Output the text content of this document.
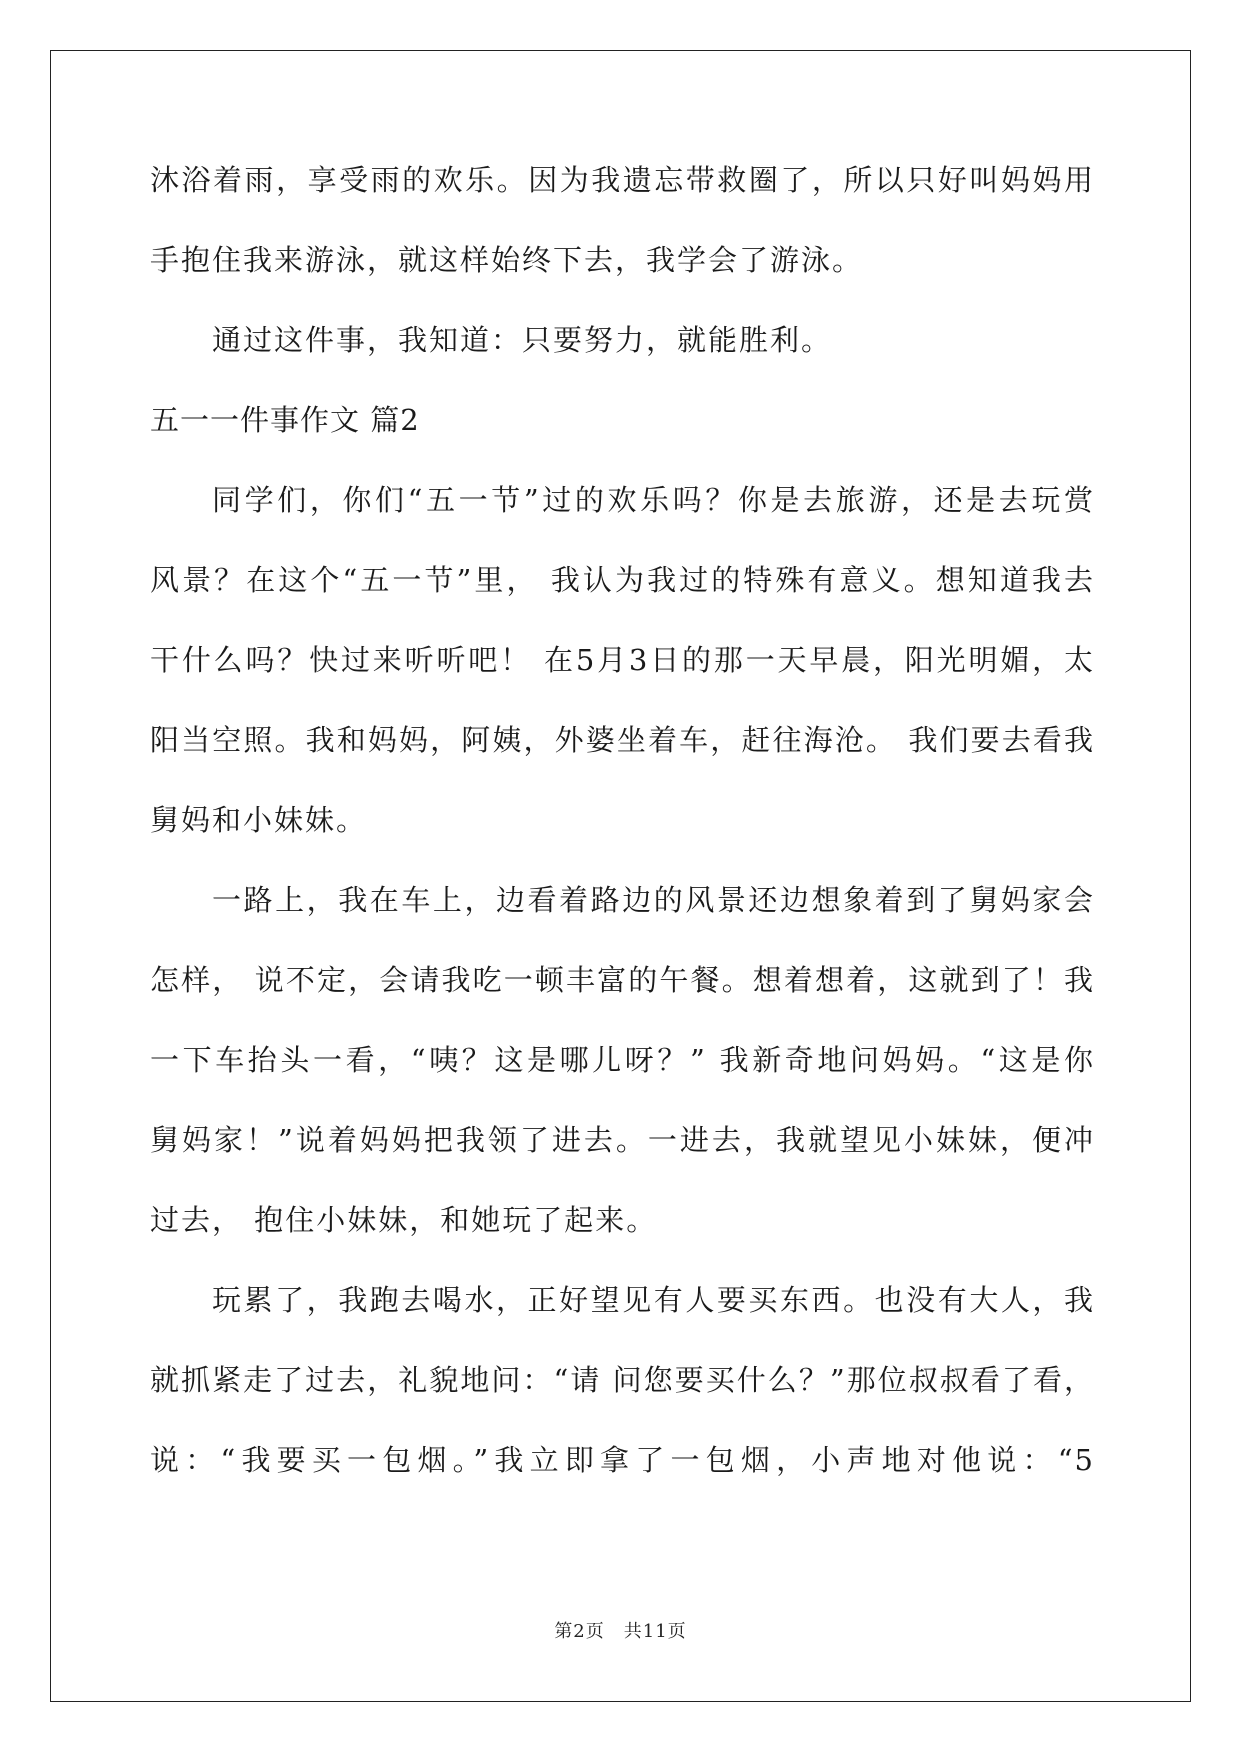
沐浴着雨，享受雨的欢乐。因为我遗忘带救圈了，所以只好叫妈妈用
手抱住我来游泳，就这样始终下去，我学会了游泳。
通过这件事，我知道：只要努力，就能胜利。
五一一件事作文 篇2
同学们，你们“五一节”过的欢乐吗？你是去旅游，还是去玩赏
风景？在这个“五一节”里， 我认为我过的特殊有意义。想知道我去
干什么吗？快过来听听吧！ 在5月3日的那一天早晨，阳光明媚，太
阳当空照。我和妈妈，阿姨，外婆坐着车，赶往海沧。 我们要去看我
舅妈和小妹妹。
一路上，我在车上，边看着路边的风景还边想象着到了舅妈家会
怎样， 说不定，会请我吃一顿丰富的午餐。想着想着，这就到了！我
一下车抬头一看，“咦？这是哪儿呀？” 我新奇地问妈妈。“这是你
舅妈家！”说着妈妈把我领了进去。一进去，我就望见小妹妹，便冲
过去， 抱住小妹妹，和她玩了起来。
玩累了，我跑去喝水，正好望见有人要买东西。也没有大人，我
就抓紧走了过去，礼貌地问：“请 问您要买什么？”那位叔叔看了看，
说：“我要买一包烟。”我立即拿了一包烟，小声地对他说：“5
第2页　共11页
